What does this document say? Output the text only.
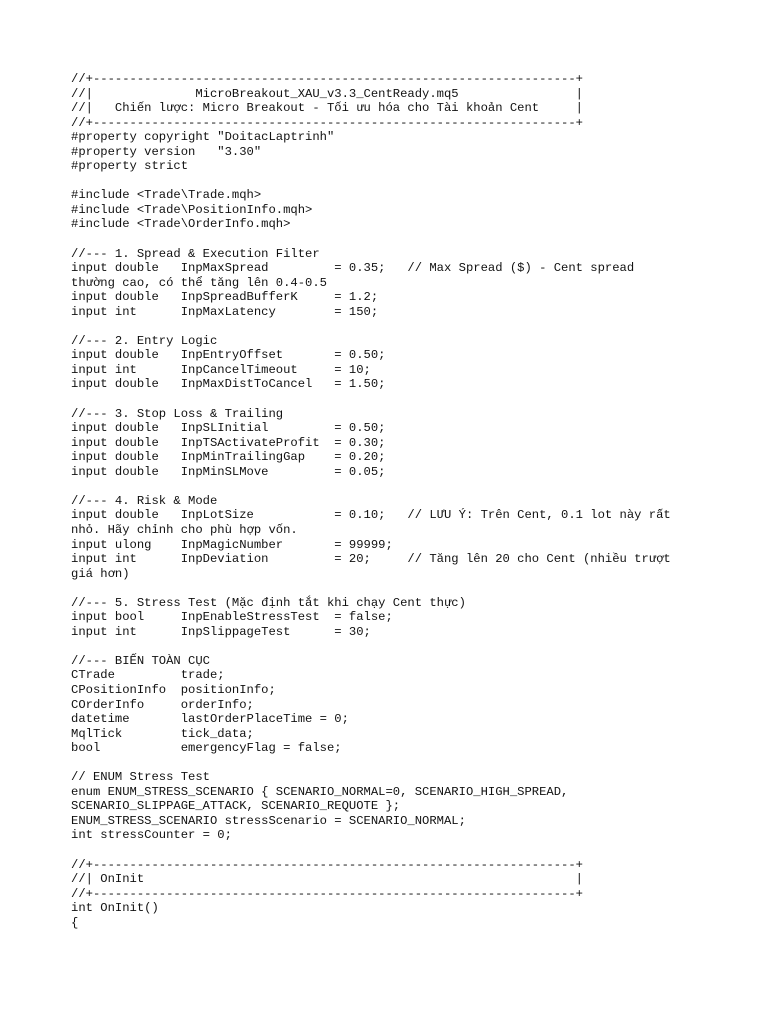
//+------------------------------------------------------------------+
//|              MicroBreakout_XAU_v3.3_CentReady.mq5                |
//|   Chiến lược: Micro Breakout - Tối ưu hóa cho Tài khoản Cent     |
//+------------------------------------------------------------------+
#property copyright "DoitacLaptrinh"
#property version   "3.30"
#property strict

#include <Trade\Trade.mqh>
#include <Trade\PositionInfo.mqh>
#include <Trade\OrderInfo.mqh>

//--- 1. Spread & Execution Filter
input double   InpMaxSpread         = 0.35;   // Max Spread ($) - Cent spread
thường cao, có thể tăng lên 0.4-0.5
input double   InpSpreadBufferK     = 1.2;
input int      InpMaxLatency        = 150;

//--- 2. Entry Logic
input double   InpEntryOffset       = 0.50;
input int      InpCancelTimeout     = 10;
input double   InpMaxDistToCancel   = 1.50;

//--- 3. Stop Loss & Trailing
input double   InpSLInitial         = 0.50;
input double   InpTSActivateProfit  = 0.30;
input double   InpMinTrailingGap    = 0.20;
input double   InpMinSLMove         = 0.05;

//--- 4. Risk & Mode
input double   InpLotSize           = 0.10;   // LƯU Ý: Trên Cent, 0.1 lot này rất
nhỏ. Hãy chỉnh cho phù hợp vốn.
input ulong    InpMagicNumber       = 99999;
input int      InpDeviation         = 20;     // Tăng lên 20 cho Cent (nhiều trượt
giá hơn)

//--- 5. Stress Test (Mặc định tắt khi chạy Cent thực)
input bool     InpEnableStressTest  = false;
input int      InpSlippageTest      = 30;

//--- BIẾN TOÀN CỤC
CTrade         trade;
CPositionInfo  positionInfo;
COrderInfo     orderInfo;
datetime       lastOrderPlaceTime = 0;
MqlTick        tick_data;
bool           emergencyFlag = false;

// ENUM Stress Test
enum ENUM_STRESS_SCENARIO { SCENARIO_NORMAL=0, SCENARIO_HIGH_SPREAD,
SCENARIO_SLIPPAGE_ATTACK, SCENARIO_REQUOTE };
ENUM_STRESS_SCENARIO stressScenario = SCENARIO_NORMAL;
int stressCounter = 0;

//+------------------------------------------------------------------+
//| OnInit                                                           |
//+------------------------------------------------------------------+
int OnInit()
{
